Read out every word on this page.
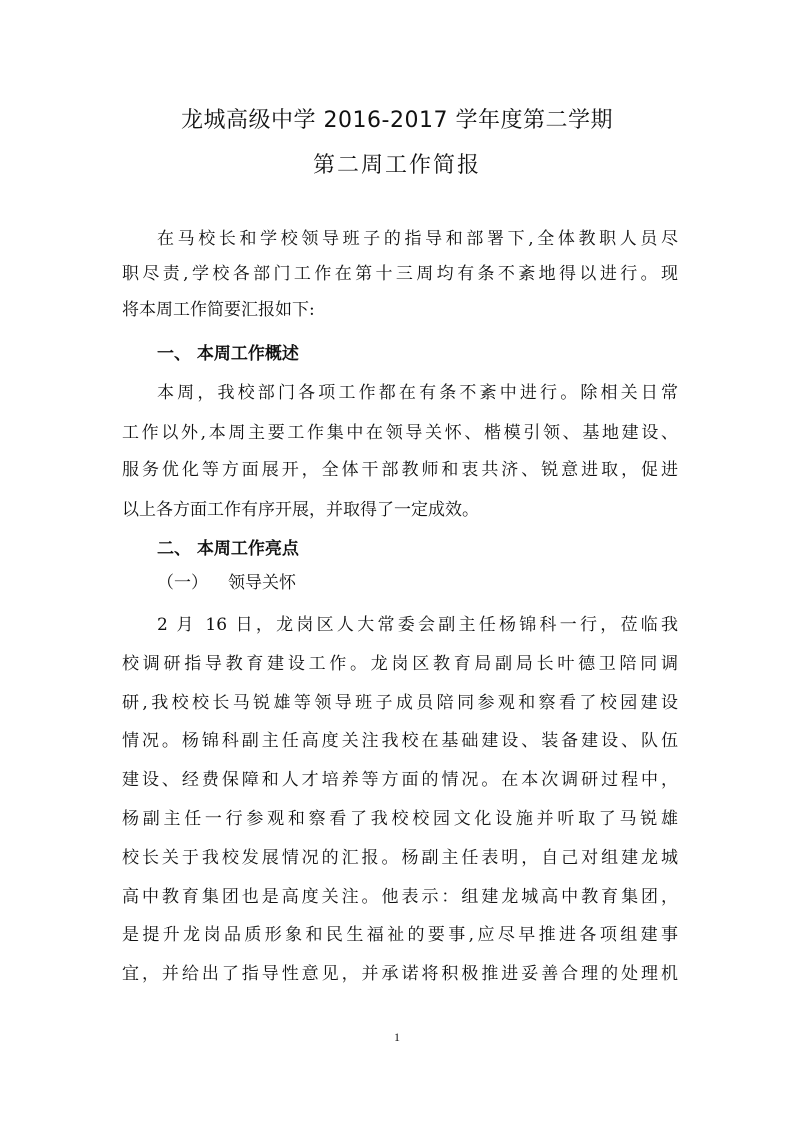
龙城高级中学 2016-2017 学年度第二学期
第二周工作简报
在马校长和学校领导班子的指导和部署下,全体教职人员尽
职尽责,学校各部门工作在第十三周均有条不紊地得以进行。现
将本周工作简要汇报如下:
一、 本周工作概述
本周，我校部门各项工作都在有条不紊中进行。除相关日常
工作以外,本周主要工作集中在领导关怀、楷模引领、基地建设、
服务优化等方面展开，全体干部教师和衷共济、锐意进取，促进
以上各方面工作有序开展，并取得了一定成效。
二、 本周工作亮点
（一） 领导关怀
2 月 16 日，龙岗区人大常委会副主任杨锦科一行，莅临我
校调研指导教育建设工作。龙岗区教育局副局长叶德卫陪同调
研,我校校长马锐雄等领导班子成员陪同参观和察看了校园建设
情况。杨锦科副主任高度关注我校在基础建设、装备建设、队伍
建设、经费保障和人才培养等方面的情况。在本次调研过程中，
杨副主任一行参观和察看了我校校园文化设施并听取了马锐雄
校长关于我校发展情况的汇报。杨副主任表明，自己对组建龙城
高中教育集团也是高度关注。他表示：组建龙城高中教育集团，
是提升龙岗品质形象和民生福祉的要事,应尽早推进各项组建事
宜，并给出了指导性意见，并承诺将积极推进妥善合理的处理机
1
